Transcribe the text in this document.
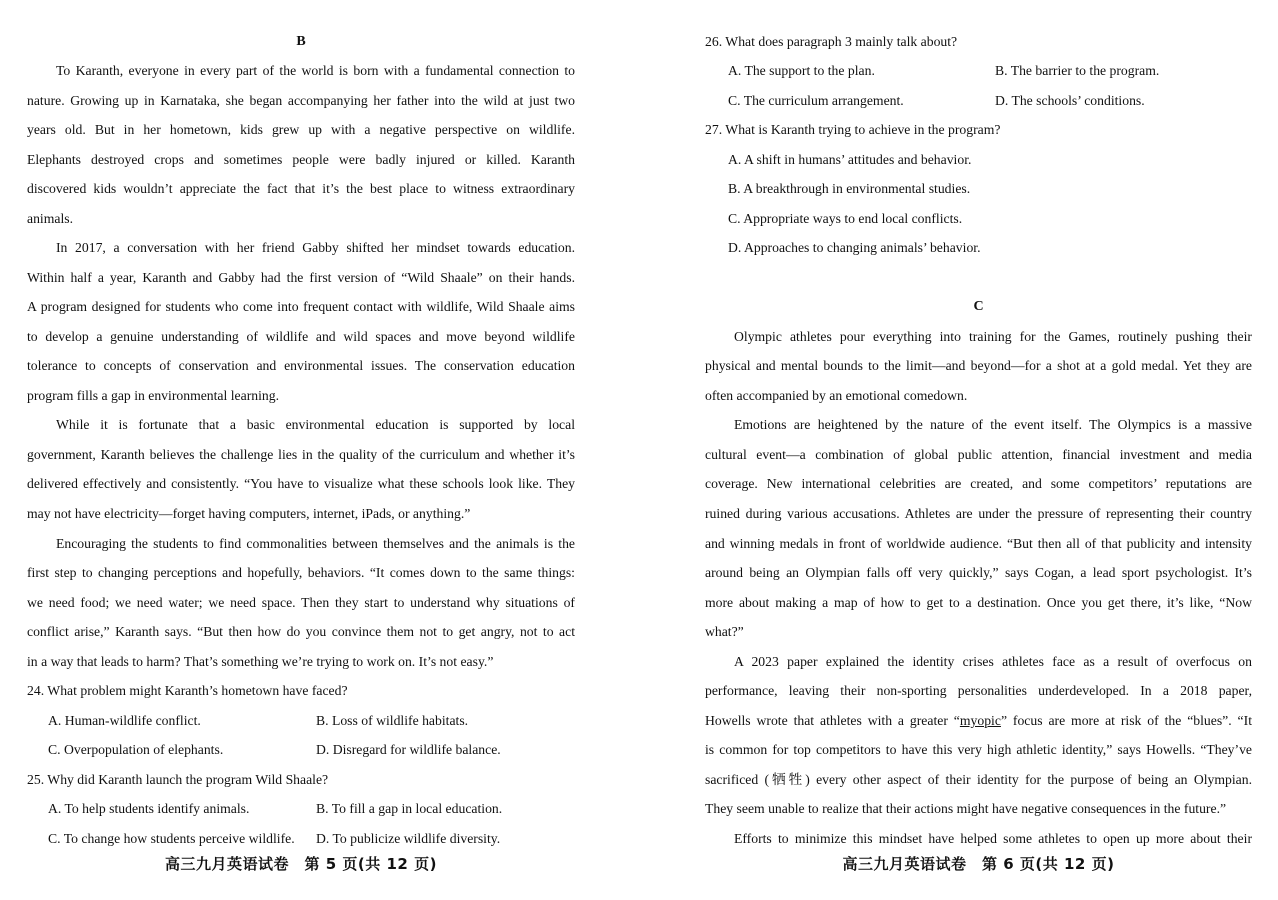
B
To Karanth, everyone in every part of the world is born with a fundamental connection to
nature. Growing up in Karnataka, she began accompanying her father into the wild at just two
years old. But in her hometown, kids grew up with a negative perspective on wildlife.
Elephants destroyed crops and sometimes people were badly injured or killed. Karanth
discovered kids wouldn’t appreciate the fact that it’s the best place to witness extraordinary
animals.
In 2017, a conversation with her friend Gabby shifted her mindset towards education.
Within half a year, Karanth and Gabby had the first version of “Wild Shaale” on their hands.
A program designed for students who come into frequent contact with wildlife, Wild Shaale aims
to develop a genuine understanding of wildlife and wild spaces and move beyond wildlife
tolerance to concepts of conservation and environmental issues. The conservation education
program fills a gap in environmental learning.
While it is fortunate that a basic environmental education is supported by local
government, Karanth believes the challenge lies in the quality of the curriculum and whether it’s
delivered effectively and consistently. “You have to visualize what these schools look like. They
may not have electricity—forget having computers, internet, iPads, or anything.”
Encouraging the students to find commonalities between themselves and the animals is the
first step to changing perceptions and hopefully, behaviors. “It comes down to the same things:
we need food; we need water; we need space. Then they start to understand why situations of
conflict arise,” Karanth says. “But then how do you convince them not to get angry, not to act
in a way that leads to harm? That’s something we’re trying to work on. It’s not easy.”
24. What problem might Karanth’s hometown have faced?
A. Human-wildlife conflict.	B. Loss of wildlife habitats.
C. Overpopulation of elephants.	D. Disregard for wildlife balance.
25. Why did Karanth launch the program Wild Shaale?
A. To help students identify animals.	B. To fill a gap in local education.
C. To change how students perceive wildlife. D. To publicize wildlife diversity.
高三九月英语试卷　第 5 页(共 12 页)
26. What does paragraph 3 mainly talk about?
A. The support to the plan.	B. The barrier to the program.
C. The curriculum arrangement.	D. The schools’ conditions.
27. What is Karanth trying to achieve in the program?
A. A shift in humans’ attitudes and behavior.
B. A breakthrough in environmental studies.
C. Appropriate ways to end local conflicts.
D. Approaches to changing animals’ behavior.
C
Olympic athletes pour everything into training for the Games, routinely pushing their
physical and mental bounds to the limit—and beyond—for a shot at a gold medal. Yet they are
often accompanied by an emotional comedown.
Emotions are heightened by the nature of the event itself. The Olympics is a massive
cultural event—a combination of global public attention, financial investment and media
coverage. New international celebrities are created, and some competitors’ reputations are
ruined during various accusations. Athletes are under the pressure of representing their country
and winning medals in front of worldwide audience. “But then all of that publicity and intensity
around being an Olympian falls off very quickly,” says Cogan, a lead sport psychologist. It’s
more about making a map of how to get to a destination. Once you get there, it’s like, “Now
what?”
A 2023 paper explained the identity crises athletes face as a result of overfocus on
performance, leaving their non-sporting personalities underdeveloped. In a 2018 paper,
Howells wrote that athletes with a greater “myopic” focus are more at risk of the “blues”. “It
is common for top competitors to have this very high athletic identity,” says Howells. “They’ve
sacrificed (牺牲) every other aspect of their identity for the purpose of being an Olympian.
They seem unable to realize that their actions might have negative consequences in the future.”
Efforts to minimize this mindset have helped some athletes to open up more about their
高三九月英语试卷　第 6 页(共 12 页)
